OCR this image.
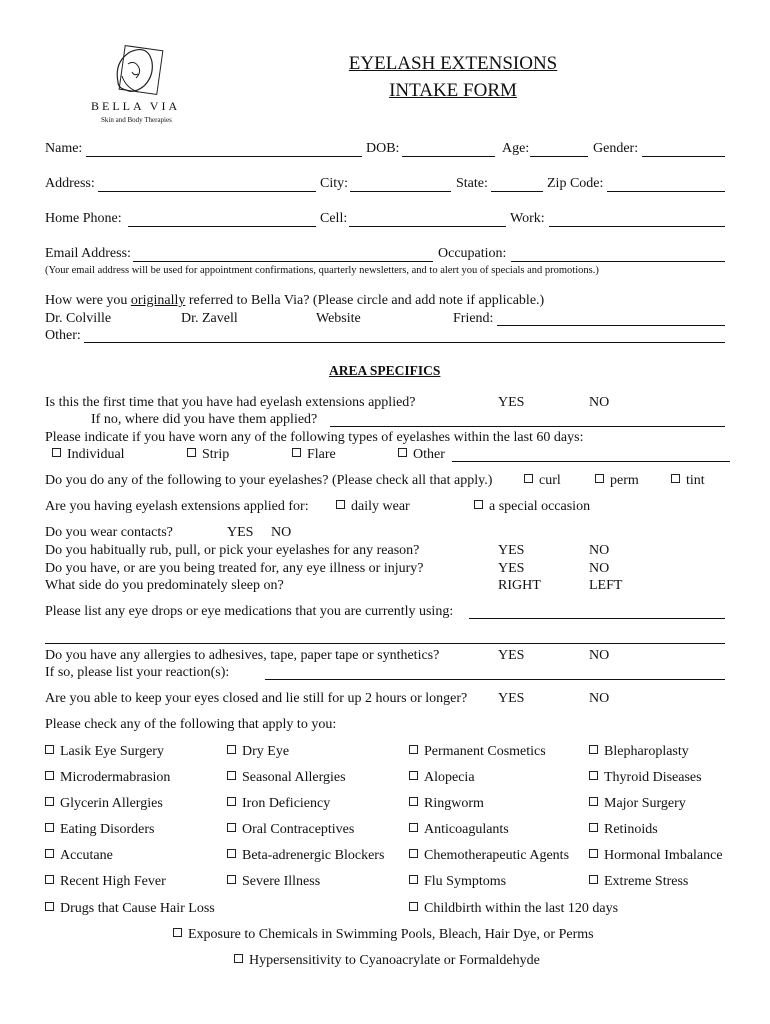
BELLA VIA
Skin and Body Therapies
EYELASH EXTENSIONS
INTAKE FORM
Name:	DOB:	Age:	Gender:
Address:	City:	State:	Zip Code:
Home Phone:	Cell:	Work:
Email Address:	Occupation:
(Your email address will be used for appointment confirmations, quarterly newsletters, and to alert you of specials and promotions.)
How were you originally referred to Bella Via? (Please circle and add note if applicable.)
Dr. Colville	Dr. Zavell	Website	Friend:
Other:
AREA SPECIFICS
Is this the first time that you have had eyelash extensions applied?	YES	NO
If no, where did you have them applied?
Please indicate if you have worn any of the following types of eyelashes within the last 60 days:
Individual	Strip	Flare	Other
Do you do any of the following to your eyelashes? (Please check all that apply.)	curl	perm	tint
Are you having eyelash extensions applied for:	daily wear	a special occasion
Do you wear contacts?	YES NO
Do you habitually rub, pull, or pick your eyelashes for any reason?	YES	NO
Do you have, or are you being treated for, any eye illness or injury?	YES	NO
What side do you predominately sleep on?	RIGHT	LEFT
Please list any eye drops or eye medications that you are currently using:
Do you have any allergies to adhesives, tape, paper tape or synthetics?	YES	NO
If so, please list your reaction(s):
Are you able to keep your eyes closed and lie still for up 2 hours or longer? YES	NO
Please check any of the following that apply to you:
Lasik Eye Surgery	Dry Eye	Permanent Cosmetics	Blepharoplasty
Microdermabrasion	Seasonal Allergies	Alopecia	Thyroid Diseases
Glycerin Allergies	Iron Deficiency	Ringworm	Major Surgery
Eating Disorders	Oral Contraceptives	Anticoagulants	Retinoids
Accutane	Beta-adrenergic Blockers	Chemotherapeutic Agents	Hormonal Imbalance
Recent High Fever	Severe Illness	Flu Symptoms	Extreme Stress
Drugs that Cause Hair Loss	Childbirth within the last 120 days
Exposure to Chemicals in Swimming Pools, Bleach, Hair Dye, or Perms
Hypersensitivity to Cyanoacrylate or Formaldehyde
